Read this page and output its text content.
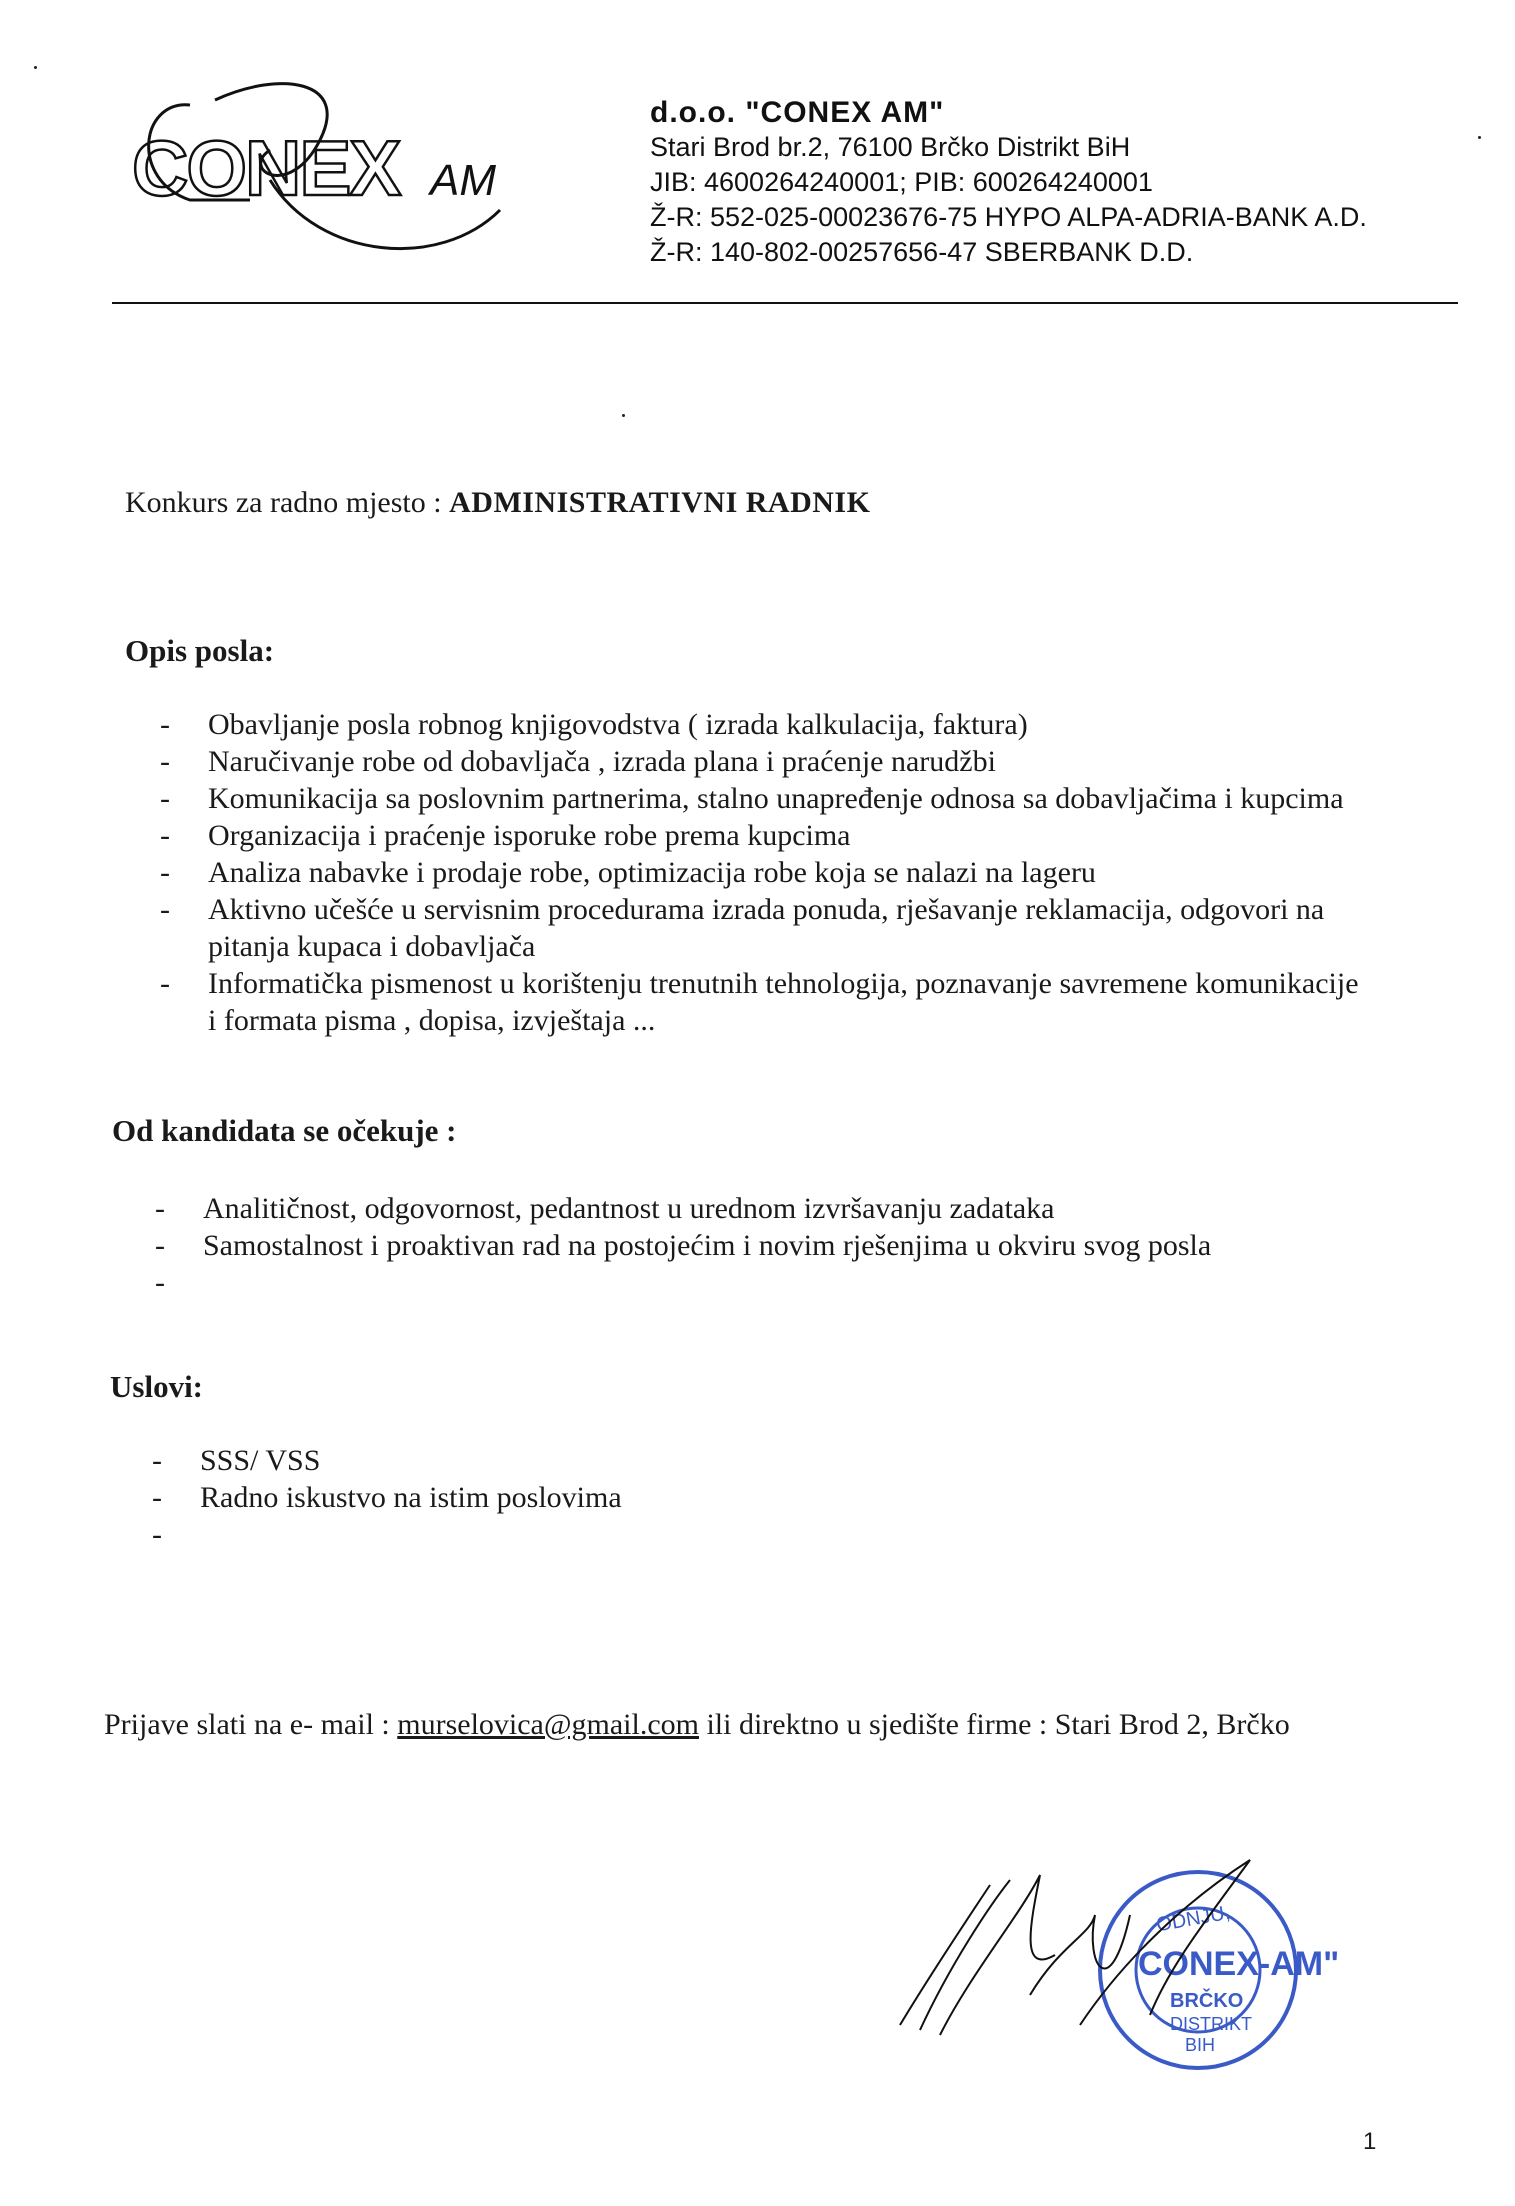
CONEX AM
d.o.o. "CONEX AM"
Stari Brod br.2, 76100 Brčko Distrikt BiH
JIB: 4600264240001; PIB: 600264240001
Ž-R: 552-025-00023676-75 HYPO ALPA-ADRIA-BANK A.D.
Ž-R: 140-802-00257656-47 SBERBANK D.D.
Konkurs za radno mjesto : ADMINISTRATIVNI RADNIK
Opis posla:
- Obavljanje posla robnog knjigovodstva ( izrada kalkulacija, faktura)
- Naručivanje robe od dobavljača , izrada plana i praćenje narudžbi
- Komunikacija sa poslovnim partnerima, stalno unapređenje odnosa sa dobavljačima i kupcima
- Organizacija i praćenje isporuke robe prema kupcima
- Analiza nabavke i prodaje robe, optimizacija robe koja se nalazi na lageru
- Aktivno učešće u servisnim procedurama izrada ponuda, rješavanje reklamacija, odgovori na
pitanja kupaca i dobavljača
- Informatička pismenost u korištenju trenutnih tehnologija, poznavanje savremene komunikacije
i formata pisma , dopisa, izvještaja ...
Od kandidata se očekuje :
- Analitičnost, odgovornost, pedantnost u urednom izvršavanju zadataka
- Samostalnost i proaktivan rad na postojećim i novim rješenjima u okviru svog posla
-
Uslovi:
- SSS/ VSS
- Radno iskustvo na istim poslovima
-
Prijave slati na e- mail : murselovica@gmail.com ili direktno u sjedište firme : Stari Brod 2, Brčko
ODNJU,
CONEX-AM"
BRČKO
DISTRIKT
BIH
1
